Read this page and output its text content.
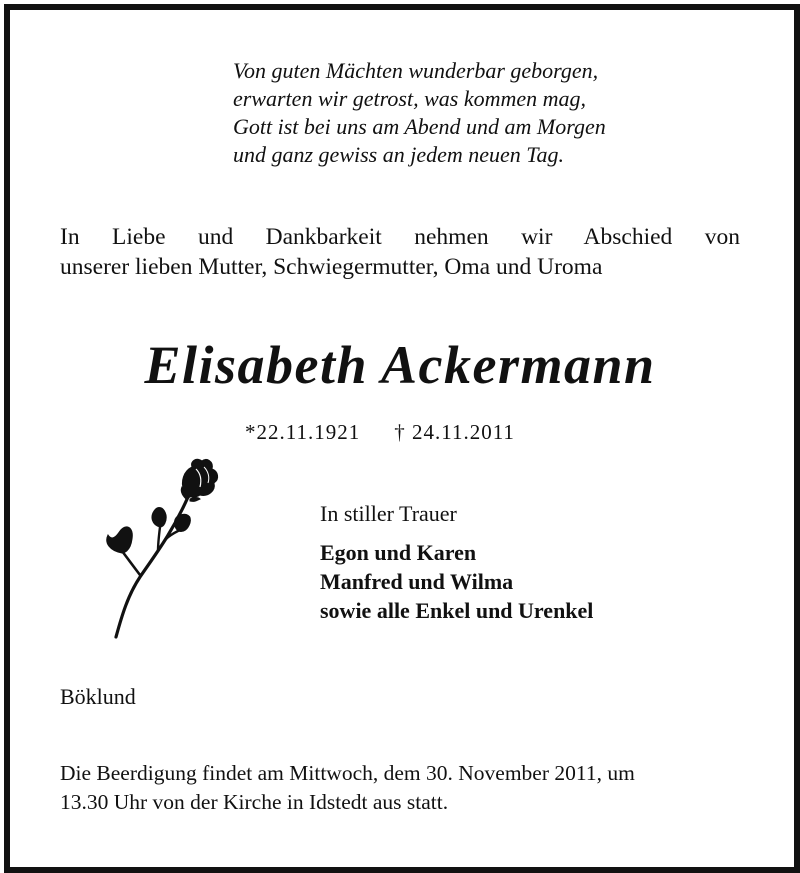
Von guten Mächten wunderbar geborgen,
erwarten wir getrost, was kommen mag,
Gott ist bei uns am Abend und am Morgen
und ganz gewiss an jedem neuen Tag.
In Liebe und Dankbarkeit nehmen wir Abschied von
unserer lieben Mutter, Schwiegermutter, Oma und Uroma
Elisabeth Ackermann
*22.11.1921 † 24.11.2011
In stiller Trauer
Egon und Karen
Manfred und Wilma
sowie alle Enkel und Urenkel
Böklund
Die Beerdigung findet am Mittwoch, dem 30. November 2011, um
13.30 Uhr von der Kirche in Idstedt aus statt.
